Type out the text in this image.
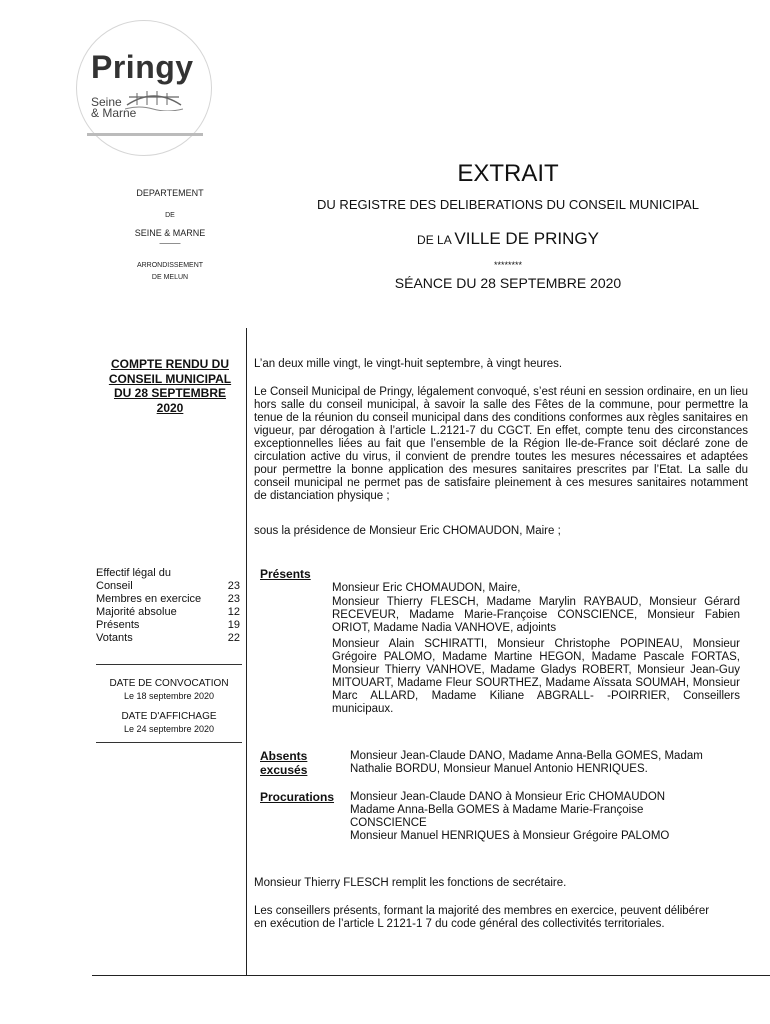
Pringy
Seine
& Marne
DEPARTEMENT
DE
SEINE & MARNE
———
ARRONDISSEMENT
DE MELUN
EXTRAIT
DU REGISTRE DES DELIBERATIONS DU CONSEIL MUNICIPAL
DE LA VILLE DE PRINGY
********
SÉANCE DU 28 SEPTEMBRE 2020
COMPTE RENDU DU CONSEIL MUNICIPAL DU 28 SEPTEMBRE 2020
Effectif légal du
Conseil	23
Membres en exercice 23
Majorité absolue	12
Présents	19
Votants	22
DATE DE CONVOCATION
Le 18 septembre 2020
DATE D'AFFICHAGE
Le 24 septembre 2020
L’an deux mille vingt, le vingt-huit septembre, à vingt heures.
Le Conseil Municipal de Pringy, légalement convoqué, s’est réuni en session ordinaire, en un lieu hors salle du conseil municipal, à savoir la salle des Fêtes de la commune, pour permettre la tenue de la réunion du conseil municipal dans des conditions conformes aux règles sanitaires en vigueur, par dérogation à l’article L.2121-7 du CGCT. En effet, compte tenu des circonstances exceptionnelles liées au fait que l’ensemble de la Région Ile-de-France soit déclaré zone de circulation active du virus, il convient de prendre toutes les mesures nécessaires et adaptées pour permettre la bonne application des mesures sanitaires prescrites par l’Etat. La salle du conseil municipal ne permet pas de satisfaire pleinement à ces mesures sanitaires notamment de distanciation physique ;
sous la présidence de Monsieur Eric CHOMAUDON, Maire ;
Présents
Monsieur Eric CHOMAUDON, Maire,
Monsieur Thierry FLESCH, Madame Marylin RAYBAUD, Monsieur Gérard RECEVEUR, Madame Marie-Françoise CONSCIENCE, Monsieur Fabien ORIOT, Madame Nadia VANHOVE, adjoints
Monsieur Alain SCHIRATTI, Monsieur Christophe POPINEAU, Monsieur Grégoire PALOMO, Madame Martine HEGON, Madame Pascale FORTAS, Monsieur Thierry VANHOVE, Madame Gladys ROBERT, Monsieur Jean-Guy MITOUART, Madame Fleur SOURTHEZ, Madame Aïssata SOUMAH, Monsieur Marc ALLARD, Madame Kiliane ABGRALL- -POIRRIER, Conseillers municipaux.
Absents
excusés
Monsieur Jean-Claude DANO, Madame Anna-Bella GOMES, Madam
Nathalie BORDU, Monsieur Manuel Antonio HENRIQUES.
Procurations Monsieur Jean-Claude DANO à Monsieur Eric CHOMAUDON
Madame Anna-Bella GOMES à Madame Marie-Françoise
CONSCIENCE
Monsieur Manuel HENRIQUES à Monsieur Grégoire PALOMO
Monsieur Thierry FLESCH remplit les fonctions de secrétaire.
Les conseillers présents, formant la majorité des membres en exercice, peuvent délibérer en exécution de l’article L 2121-1 7 du code général des collectivités territoriales.
